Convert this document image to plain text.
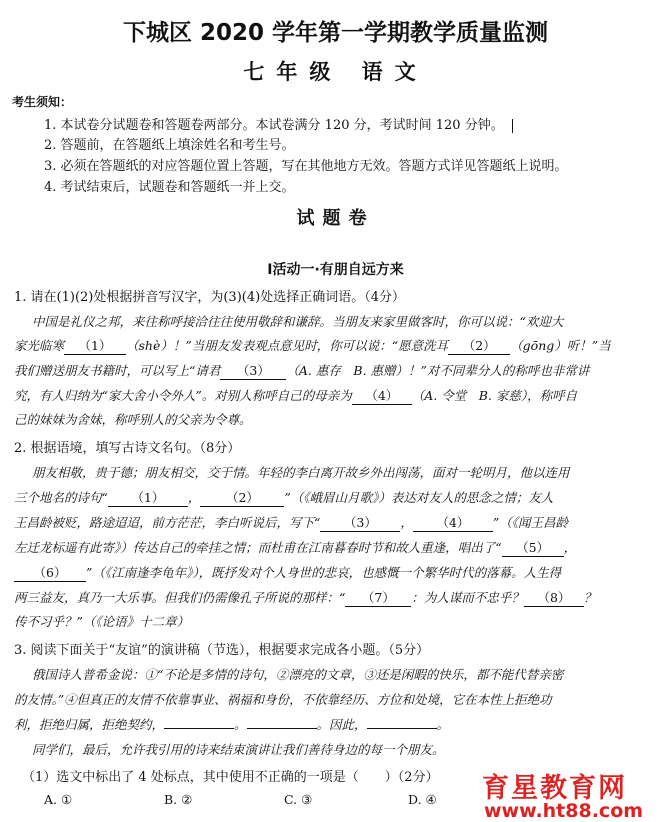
下城区 2020 学年第一学期教学质量监测
七年级 语文
考生须知：
1. 本试卷分试题卷和答题卷两部分。本试卷满分 120 分，考试时间 120 分钟。
2. 答题前，在答题纸上填涂姓名和考生号。
3. 必须在答题纸的对应答题位置上答题，写在其他地方无效。答题方式详见答题纸上说明。
4. 考试结束后，试题卷和答题纸一并上交。
试题卷
Ⅰ活动一·有朋自远方来
1. 请在(1)(2)处根据拼音写汉字，为(3)(4)处选择正确词语。（4分）
中国是礼仪之邦，来往称呼接洽往往使用敬辞和谦辞。当朋友来家里做客时，你可以说：“欢迎大
家光临寒 （1） （shè）！”当朋友发表观点意见时，你可以说：“愿意洗耳 （2） （gōng）听！”当
我们赠送朋友书籍时，可以写上“请君 （3） （A. 惠存　B. 惠赠）！”对不同辈分人的称呼也非常讲
究，有人归纳为“家大舍小令外人”。对别人称呼自己的母亲为 （4） （A. 令堂　B. 家慈），称呼自
己的妹妹为舍妹，称呼别人的父亲为令尊。
2. 根据语境，填写古诗文名句。（8分）
朋友相敬，贵于德；朋友相交，交于情。年轻的李白离开故乡外出闯荡，面对一轮明月，他以连用
三个地名的诗句“ （1） ， （2） ”（《峨眉山月歌》）表达对友人的思念之情；友人
王昌龄被贬，路途迢迢，前方茫茫，李白听说后，写下“ （3） ， （4） ”（《闻王昌龄
左迁龙标遥有此寄》）传达自己的牵挂之情；而杜甫在江南暮春时节和故人重逢，唱出了“ （5） ，
（6） ”（《江南逢李龟年》），既抒发对个人身世的悲哀，也感慨一个繁华时代的落幕。人生得
两三益友，真乃一大乐事。但我们仍需像孔子所说的那样：“ （7） ：为人谋而不忠乎？ （8） ？
传不习乎？”（《论语》十二章）
3. 阅读下面关于“友谊”的演讲稿（节选），根据要求完成各小题。（5分）
俄国诗人普希金说：①“不论是多情的诗句，②漂亮的文章，③还是闲暇的快乐，都不能代替亲密
的友情。”④但真正的友情不依靠事业、祸福和身份，不依靠经历、方位和处境，它在本性上拒绝功
利，拒绝归属，拒绝契约，	。	。因此，	。
同学们，最后，允许我引用的诗来结束演讲让我们善待身边的每一个朋友。
（1）选文中标出了 4 处标点，其中使用不正确的一项是（　　）（2分）
A. ①	B. ②	C. ③	D. ④ 育星教育网
www.ht88.com
